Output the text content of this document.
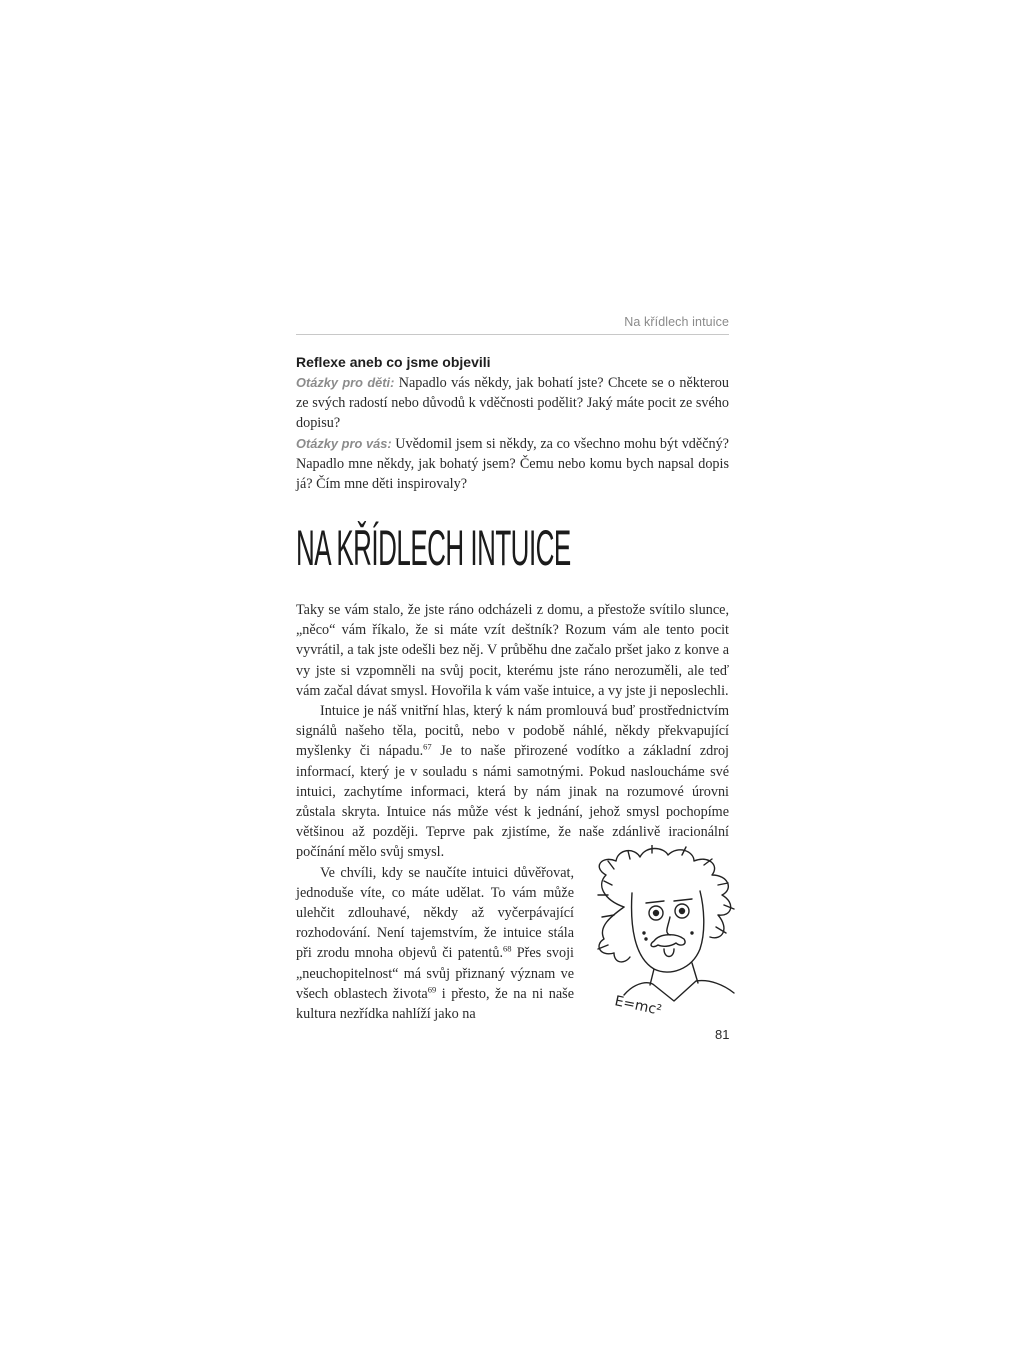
Na křídlech intuice
Reflexe aneb co jsme objevili

Otázky pro děti: Napadlo vás někdy, jak bohatí jste? Chcete se o některou ze svých radostí nebo důvodů k vděčnosti podělit? Jaký máte pocit ze svého dopisu?

Otázky pro vás: Uvědomil jsem si někdy, za co všechno mohu být vděčný? Napadlo mne někdy, jak bohatý jsem? Čemu nebo komu bych napsal dopis já? Čím mne děti inspirovaly?

NA KŘÍDLECH INTUICE

Taky se vám stalo, že jste ráno odcházeli z domu, a přestože svítilo slunce, „něco“ vám říkalo, že si máte vzít deštník? Rozum vám ale tento pocit vyvrátil, a tak jste odešli bez něj. V průběhu dne začalo pršet jako z konve a vy jste si vzpomněli na svůj pocit, kterému jste ráno nerozuměli, ale teď vám začal dávat smysl. Hovořila k vám vaše intuice, a vy jste ji neposlechli.

Intuice je náš vnitřní hlas, který k nám promlouvá buď prostřednictvím signálů našeho těla, pocitů, nebo v podobě náhlé, někdy překvapující myšlenky či nápadu.$^{67}$ Je to naše přirozené vodítko a základní zdroj informací, který je v souladu s námi samotnými. Pokud nasloucháme své intuici, zachytíme informaci, která by nám jinak na rozumové úrovni zůstala skryta. Intuice nás může vést k jednání, jehož smysl pochopíme většinou až později. Teprve pak zjistíme, že naše zdánlivě iracionální počínání mělo svůj smysl.

Ve chvíli, kdy se naučíte intuici důvěřovat, jednoduše víte, co máte udělat. To vám může ulehčit zdlouhavé, někdy až vyčerpávající rozhodování. Není tajemstvím, že intuice stála při zrodu mnoha objevů či patentů.$^{68}$ Přes svoji „neuchopitelnost“ má svůj přiznaný význam ve všech oblastech života$^{69}$ i přesto, že na ni naše kultura nezřídka nahlíží jako na	E=mc²
81
